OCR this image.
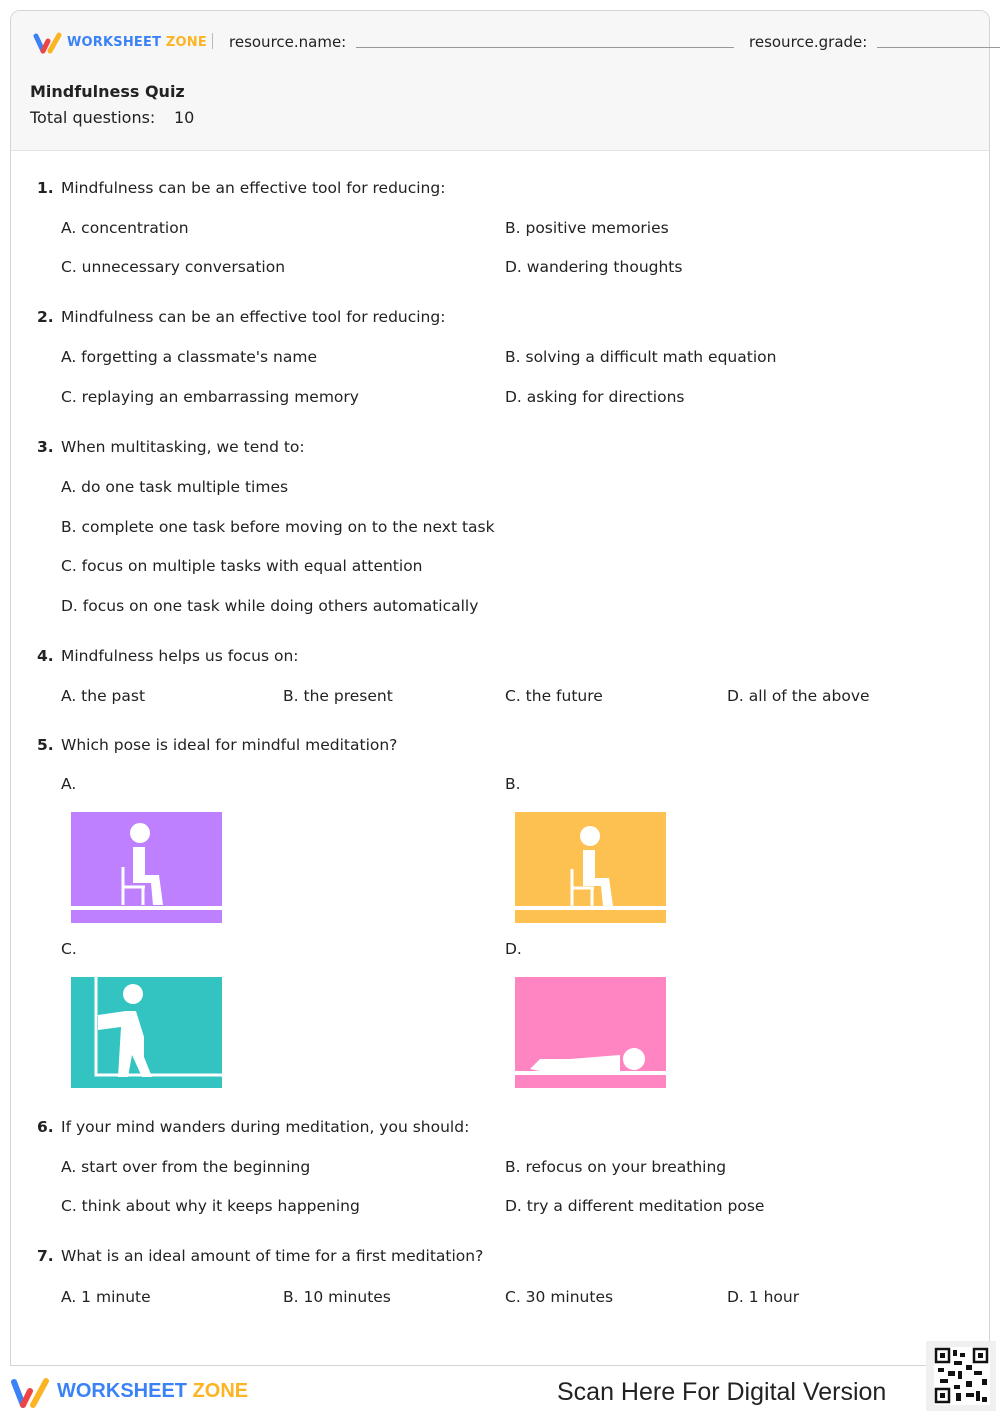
WORKSHEET ZONE resource.name:	resource.grade:
Mindfulness Quiz
Total questions: 10
1. Mindfulness can be an effective tool for reducing:
A. concentration	B. positive memories
C. unnecessary conversation	D. wandering thoughts
2. Mindfulness can be an effective tool for reducing:
A. forgetting a classmate's name	B. solving a difficult math equation
C. replaying an embarrassing memory	D. asking for directions
3. When multitasking, we tend to:
A. do one task multiple times
B. complete one task before moving on to the next task
C. focus on multiple tasks with equal attention
D. focus on one task while doing others automatically
4. Mindfulness helps us focus on:
A. the past	B. the present	C. the future	D. all of the above
5. Which pose is ideal for mindful meditation?
A.	B.
C.	D.
6. If your mind wanders during meditation, you should:
A. start over from the beginning	B. refocus on your breathing
C. think about why it keeps happening	D. try a different meditation pose
7. What is an ideal amount of time for a first meditation?
A. 1 minute	B. 10 minutes	C. 30 minutes	D. 1 hour
WORKSHEET ZONE	Scan Here For Digital Version
